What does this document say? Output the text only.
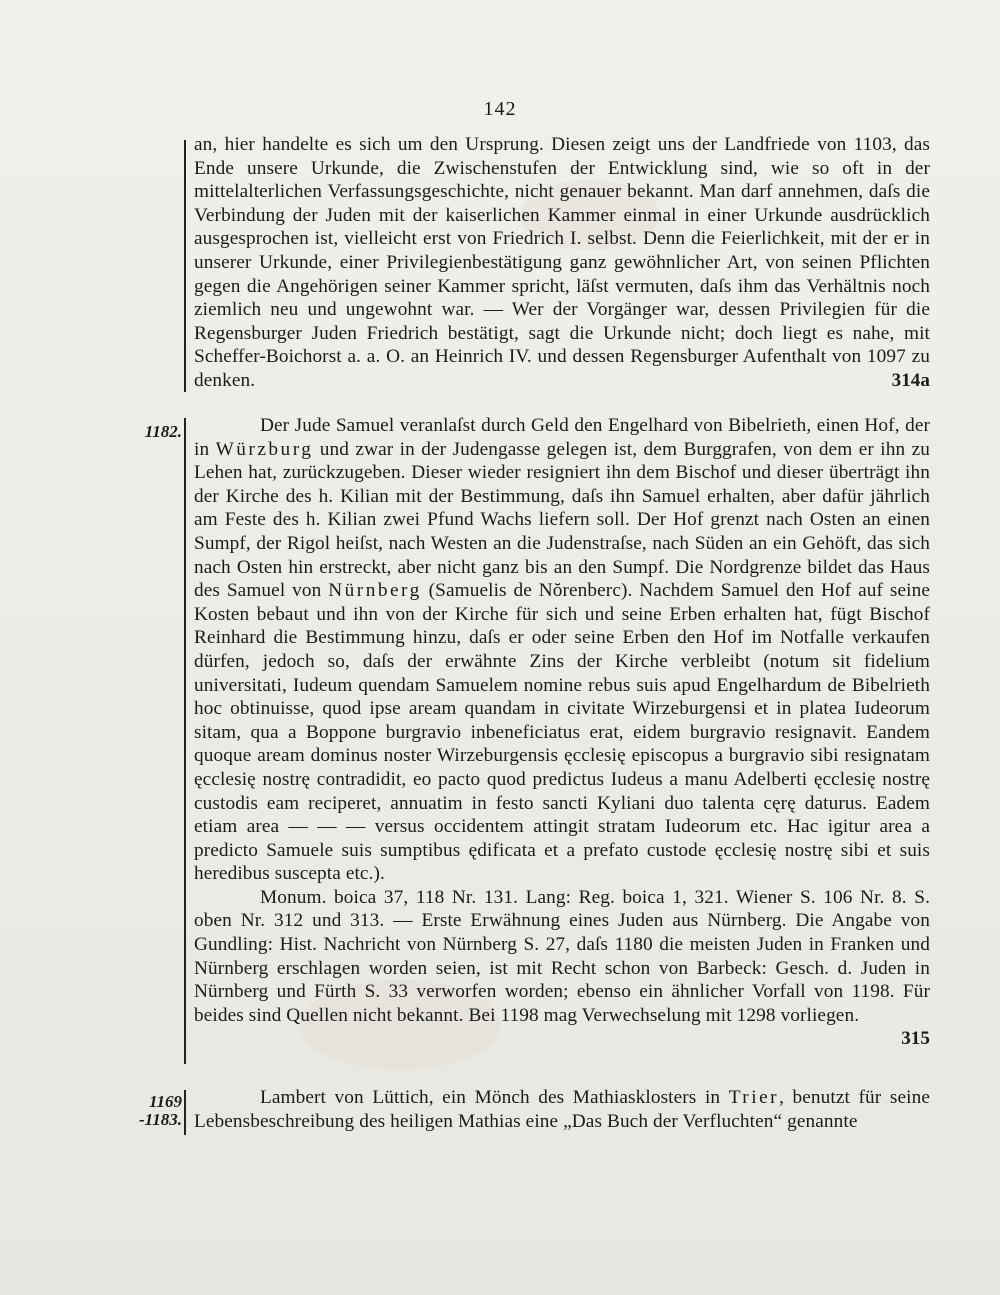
142

an, hier handelte es sich um den Ursprung. Diesen zeigt uns der Landfriede von 1103, das Ende unsere Urkunde, die Zwischenstufen der Entwicklung sind, wie so oft in der mittelalterlichen Verfassungsgeschichte, nicht genauer bekannt. Man darf annehmen, daſs die Verbindung der Juden mit der kaiserlichen Kammer einmal in einer Urkunde ausdrücklich ausgesprochen ist, vielleicht erst von Friedrich I. selbst. Denn die Feierlichkeit, mit der er in unserer Urkunde, einer Privilegienbestätigung ganz gewöhnlicher Art, von seinen Pflichten gegen die Angehörigen seiner Kammer spricht, läſst vermuten, daſs ihm das Verhältnis noch ziemlich neu und ungewohnt war. — Wer der Vorgänger war, dessen Privilegien für die Regensburger Juden Friedrich bestätigt, sagt die Urkunde nicht; doch liegt es nahe, mit Scheffer-Boichorst a. a. O. an Heinrich IV. und dessen Regensburger Aufenthalt von 1097 zu denken.	314a

1182.	Der Jude Samuel veranlaſst durch Geld den Engelhard von Bibelrieth, einen Hof, der in Würzburg und zwar in der Judengasse gelegen ist, dem Burggrafen, von dem er ihn zu Lehen hat, zurückzugeben. Dieser wieder resigniert ihn dem Bischof und dieser überträgt ihn der Kirche des h. Kilian mit der Bestimmung, daſs ihn Samuel erhalten, aber dafür jährlich am Feste des h. Kilian zwei Pfund Wachs liefern soll. Der Hof grenzt nach Osten an einen Sumpf, der Rigol heiſst, nach Westen an die Judenstraſse, nach Süden an ein Gehöft, das sich nach Osten hin erstreckt, aber nicht ganz bis an den Sumpf. Die Nordgrenze bildet das Haus des Samuel von Nürnberg (Samuelis de Nŏrenberc). Nachdem Samuel den Hof auf seine Kosten bebaut und ihn von der Kirche für sich und seine Erben erhalten hat, fügt Bischof Reinhard die Bestimmung hinzu, daſs er oder seine Erben den Hof im Notfalle verkaufen dürfen, jedoch so, daſs der erwähnte Zins der Kirche verbleibt (notum sit fidelium universitati, Iudeum quendam Samuelem nomine rebus suis apud Engelhardum de Bibelrieth hoc obtinuisse, quod ipse aream quandam in civitate Wirzeburgensi et in platea Iudeorum sitam, qua a Boppone burgravio inbeneficiatus erat, eidem burgravio resignavit. Eandem quoque aream dominus noster Wirzeburgensis ęcclesię episcopus a burgravio sibi resignatam ęcclesię nostrę contradidit, eo pacto quod predictus Iudeus a manu Adelberti ęcclesię nostrę custodis eam reciperet, annuatim in festo sancti Kyliani duo talenta cęrę daturus. Eadem etiam area — — — versus occidentem attingit stratam Iudeorum etc. Hac igitur area a predicto Samuele suis sumptibus ędificata et a prefato custode ęcclesię nostrę sibi et suis heredibus suscepta etc.).

Monum. boica 37, 118 Nr. 131. Lang: Reg. boica 1, 321. Wiener S. 106 Nr. 8. S. oben Nr. 312 und 313. — Erste Erwähnung eines Juden aus Nürnberg. Die Angabe von Gundling: Hist. Nachricht von Nürnberg S. 27, daſs 1180 die meisten Juden in Franken und Nürnberg erschlagen worden seien, ist mit Recht schon von Barbeck: Gesch. d. Juden in Nürnberg und Fürth S. 33 verworfen worden; ebenso ein ähnlicher Vorfall von 1198. Für beides sind Quellen nicht bekannt. Bei 1198 mag Verwechselung mit 1298 vorliegen.
315

1169
-1183.

Lambert von Lüttich, ein Mönch des Mathiasklosters in Trier, benutzt für seine Lebensbeschreibung des heiligen Mathias eine „Das Buch der Verfluchten“ genannte
